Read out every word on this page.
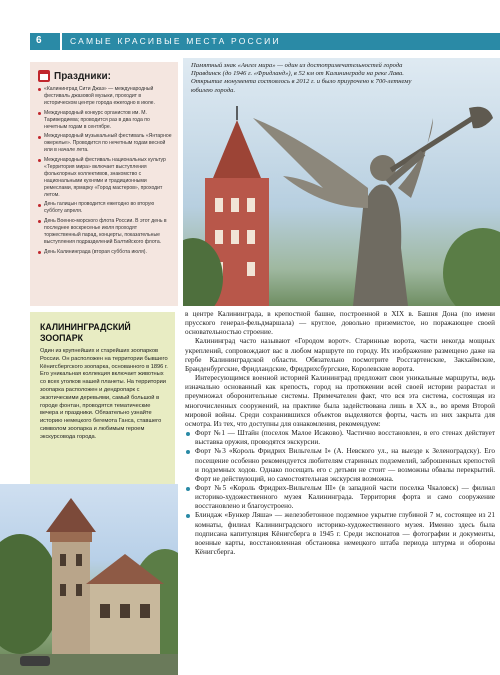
6	САМЫЕ КРАСИВЫЕ МЕСТА РОССИИ
Праздники:
«Калининград Сити Джаз» — международный фестиваль джазовой музыки, проходит в историческом центре города ежегодно в июле.
Международный конкурс органистов им. М. Таривердиева; проводится раз в два года по нечетным годам в сентябре.
Международный музыкальный фестиваль «Янтарное ожерелье». Проводится по нечетным годам весной или в начале лета.
Международный фестиваль национальных культур «Территория мира» включает выступления фольклорных коллективов, знакомство с национальными кухнями и традиционными ремеслами, ярмарку «Город мастеров», проходит летом.
День галицын проводится ежегодно во вторую субботу апреля.
День Военно-морского флота России. В этот день в последнее воскресенье июля проходят торжественный парад, концерты, показательные выступления подразделений Балтийского флота.
День Калининграда (вторая суббота июля).
Памятный знак «Ангел мира» — один из достопримечательностей города Правдинск (до 1946 г. «Фридланд»), в 52 км от Калининграда на реке Лава. Открытие монумента состоялось в 2012 г. и было приурочено к 700-летнему юбилею города.
КАЛИНИНГРАДСКИЙ ЗООПАРК
Один из крупнейших и старейших зоопарков России. Он расположен на территории бывшего Кёнигсбергского зоопарка, основанного в 1896 г. Его уникальная коллекция включает животных со всех уголков нашей планеты. На территории зоопарка расположен и дендропарк с экзотическими деревьями, самый большой в городе фонтан, проводятся тематические вечера и праздники. Обязательно узнайте историю немецкого бегемота Ганса, ставшего символом зоопарка и любимым героем экскурсовода города.

в центре Калининграда, в крепостной башне, построенной в XIX в. Башня Дона (по имени прусского генерал-фельдмаршала) — круглое, довольно приземистое, но поражающее своей основательностью строение.

Калининград часто называют «Городом ворот». Старинные ворота, части некогда мощных укреплений, сопровождают вас в любом маршруте по городу. Их изображение размещено даже на гербе Калининградской области. Обязательно посмотрите Россгартенские, Закхаймские, Бранденбургские, Фридландские, Фридрихсбургские, Королевские ворота.

Интересующимся военной историей Калининград предложит свои уникальные маршруты, ведь изначально основанный как крепость, город на протяжении всей своей истории разрастал и преумножал оборонительные системы. Примечателен факт, что вся эта система, состоящая из многочисленных сооружений, на практике была задействована лишь в XX в., во время Второй мировой войны. Среди сохранившихся объектов выделяются форты, часть из них закрыта для осмотра. Из тех, что доступны для ознакомления, рекомендуем:

Форт №1 — Штайн (поселок Малое Исаково). Частично восстановлен, в его стенах действует выставка оружия, проводятся экскурсии.
Форт №3 «Король Фридрих Вильгельм I» (А. Невского ул., на выезде к Зеленоградску). Его посещение особенно рекомендуется любителям старинных подземелий, заброшенных крепостей и подземных ходов. Однако посещать его с детьми не стоит — возможны обвалы перекрытий. Форт не действующий, но самостоятельная экскурсия возможна.
Форт №5 «Король Фридрих-Вильгельм III» (в западной части поселка Чкаловск) — филиал историко-художественного музея Калининграда. Территория форта и само сооружение восстановлено и благоустроено.
Блиндаж «Бункер Ляша» — железобетонное подземное укрытие глубиной 7 м, состоящее из 21 комнаты, филиал Калининградского историко-художественного музея. Именно здесь была подписана капитуляция Кёнигсберга в 1945 г. Среди экспонатов — фотографии и документы, военные карты, восстановленная обстановка немецкого штаба периода штурма и обороны Кёнигсберга.
